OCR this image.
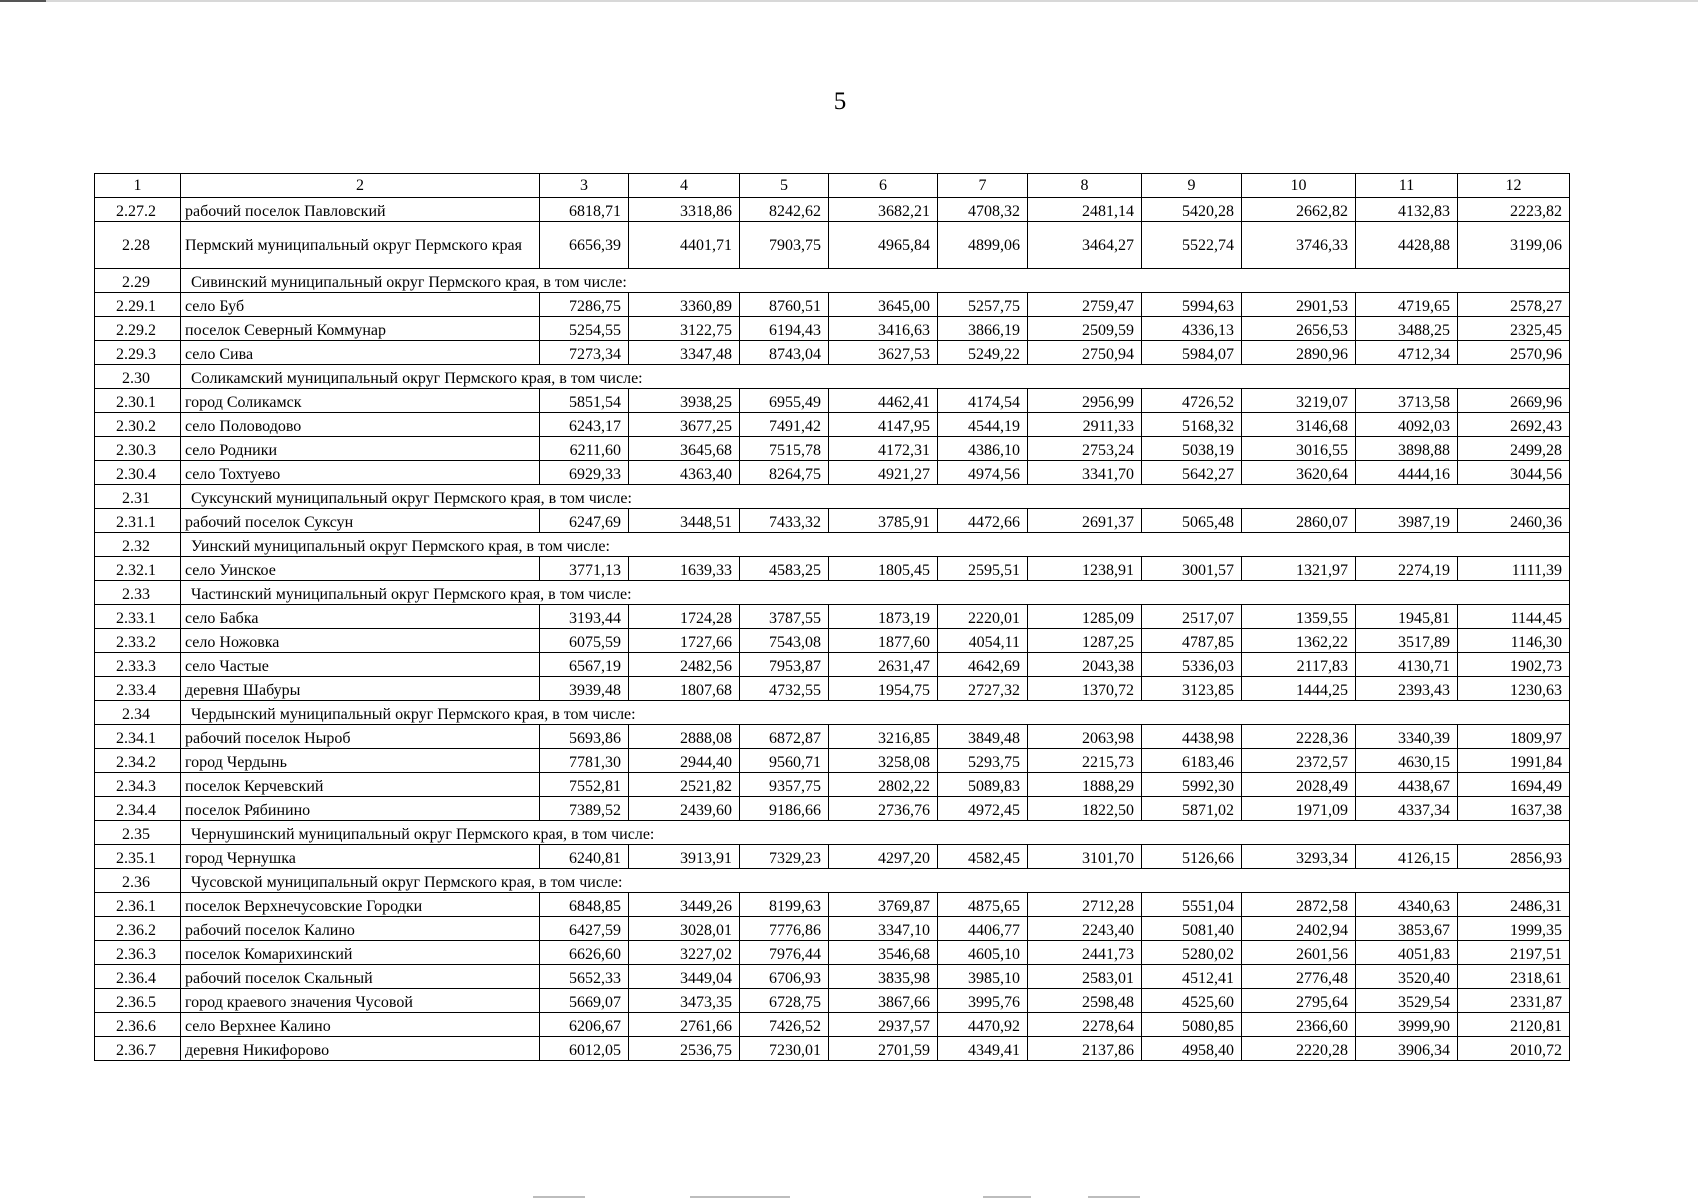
5
1	2	3	4	5	6	7	8	9	10	11	12
2.27.2	рабочий поселок Павловский	6818,71	3318,86	8242,62	3682,21	4708,32	2481,14	5420,28	2662,82	4132,83	2223,82
2.28	Пермский муниципальный округ Пермского края	6656,39	4401,71	7903,75	4965,84	4899,06	3464,27	5522,74	3746,33	4428,88	3199,06
2.29	Сивинский муниципальный округ Пермского края, в том числе:										
2.29.1	село Буб	7286,75	3360,89	8760,51	3645,00	5257,75	2759,47	5994,63	2901,53	4719,65	2578,27
2.29.2	поселок Северный Коммунар	5254,55	3122,75	6194,43	3416,63	3866,19	2509,59	4336,13	2656,53	3488,25	2325,45
2.29.3	село Сива	7273,34	3347,48	8743,04	3627,53	5249,22	2750,94	5984,07	2890,96	4712,34	2570,96
2.30	Соликамский муниципальный округ Пермского края, в том числе:										
2.30.1	город Соликамск	5851,54	3938,25	6955,49	4462,41	4174,54	2956,99	4726,52	3219,07	3713,58	2669,96
2.30.2	село Половодово	6243,17	3677,25	7491,42	4147,95	4544,19	2911,33	5168,32	3146,68	4092,03	2692,43
2.30.3	село Родники	6211,60	3645,68	7515,78	4172,31	4386,10	2753,24	5038,19	3016,55	3898,88	2499,28
2.30.4	село Тохтуево	6929,33	4363,40	8264,75	4921,27	4974,56	3341,70	5642,27	3620,64	4444,16	3044,56
2.31	Суксунский муниципальный округ Пермского края, в том числе:										
2.31.1	рабочий поселок Суксун	6247,69	3448,51	7433,32	3785,91	4472,66	2691,37	5065,48	2860,07	3987,19	2460,36
2.32	Уинский муниципальный округ Пермского края, в том числе:										
2.32.1	село Уинское	3771,13	1639,33	4583,25	1805,45	2595,51	1238,91	3001,57	1321,97	2274,19	1111,39
2.33	Частинский муниципальный округ Пермского края, в том числе:										
2.33.1	село Бабка	3193,44	1724,28	3787,55	1873,19	2220,01	1285,09	2517,07	1359,55	1945,81	1144,45
2.33.2	село Ножовка	6075,59	1727,66	7543,08	1877,60	4054,11	1287,25	4787,85	1362,22	3517,89	1146,30
2.33.3	село Частые	6567,19	2482,56	7953,87	2631,47	4642,69	2043,38	5336,03	2117,83	4130,71	1902,73
2.33.4	деревня Шабуры	3939,48	1807,68	4732,55	1954,75	2727,32	1370,72	3123,85	1444,25	2393,43	1230,63
2.34	Чердынский муниципальный округ Пермского края, в том числе:										
2.34.1	рабочий поселок Ныроб	5693,86	2888,08	6872,87	3216,85	3849,48	2063,98	4438,98	2228,36	3340,39	1809,97
2.34.2	город Чердынь	7781,30	2944,40	9560,71	3258,08	5293,75	2215,73	6183,46	2372,57	4630,15	1991,84
2.34.3	поселок Керчевский	7552,81	2521,82	9357,75	2802,22	5089,83	1888,29	5992,30	2028,49	4438,67	1694,49
2.34.4	поселок Рябинино	7389,52	2439,60	9186,66	2736,76	4972,45	1822,50	5871,02	1971,09	4337,34	1637,38
2.35	Чернушинский муниципальный округ Пермского края, в том числе:										
2.35.1	город Чернушка	6240,81	3913,91	7329,23	4297,20	4582,45	3101,70	5126,66	3293,34	4126,15	2856,93
2.36	Чусовской муниципальный округ Пермского края, в том числе:										
2.36.1	поселок Верхнечусовские Городки	6848,85	3449,26	8199,63	3769,87	4875,65	2712,28	5551,04	2872,58	4340,63	2486,31
2.36.2	рабочий поселок Калино	6427,59	3028,01	7776,86	3347,10	4406,77	2243,40	5081,40	2402,94	3853,67	1999,35
2.36.3	поселок Комарихинский	6626,60	3227,02	7976,44	3546,68	4605,10	2441,73	5280,02	2601,56	4051,83	2197,51
2.36.4	рабочий поселок Скальный	5652,33	3449,04	6706,93	3835,98	3985,10	2583,01	4512,41	2776,48	3520,40	2318,61
2.36.5	город краевого значения Чусовой	5669,07	3473,35	6728,75	3867,66	3995,76	2598,48	4525,60	2795,64	3529,54	2331,87
2.36.6	село Верхнее Калино	6206,67	2761,66	7426,52	2937,57	4470,92	2278,64	5080,85	2366,60	3999,90	2120,81
2.36.7	деревня Никифорово	6012,05	2536,75	7230,01	2701,59	4349,41	2137,86	4958,40	2220,28	3906,34	2010,72
